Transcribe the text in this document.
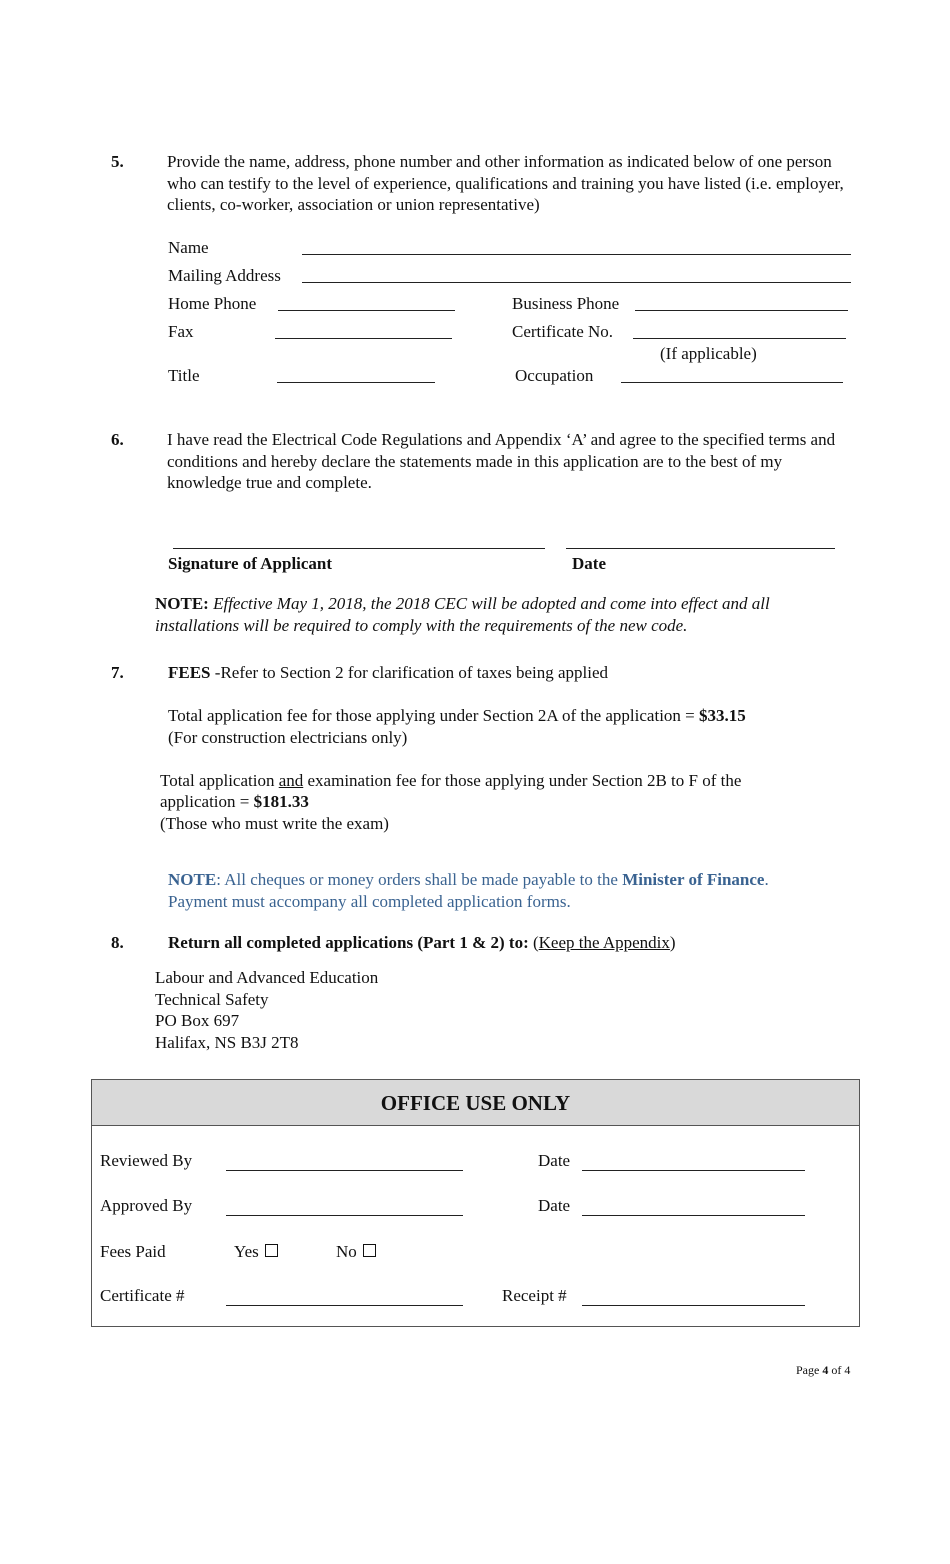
5.	Provide the name, address, phone number and other information as indicated below of one person who can testify to the level of experience, qualifications and training you have listed (i.e. employer, clients, co-worker, association or union representative)
Name
Mailing Address
Home Phone	Business Phone
Fax	Certificate No.
(If applicable)
Title	Occupation
6.	I have read the Electrical Code Regulations and Appendix ‘A’ and agree to the specified terms and conditions and hereby declare the statements made in this application are to the best of my knowledge true and complete.
Signature of Applicant	Date
NOTE: Effective May 1, 2018, the 2018 CEC will be adopted and come into effect and all installations will be required to comply with the requirements of the new code.
7.	FEES -Refer to Section 2 for clarification of taxes being applied
Total application fee for those applying under Section 2A of the application = $33.15
(For construction electricians only)
Total application and examination fee for those applying under Section 2B to F of the
application = $181.33
(Those who must write the exam)
NOTE: All cheques or money orders shall be made payable to the Minister of Finance.
Payment must accompany all completed application forms.
8.	Return all completed applications (Part 1 & 2) to: (Keep the Appendix)
Labour and Advanced Education
Technical Safety
PO Box 697
Halifax, NS B3J 2T8
OFFICE USE ONLY
Reviewed By	Date
Approved By	Date
Fees Paid	Yes	No
Certificate #	Receipt #
Page 4 of 4
